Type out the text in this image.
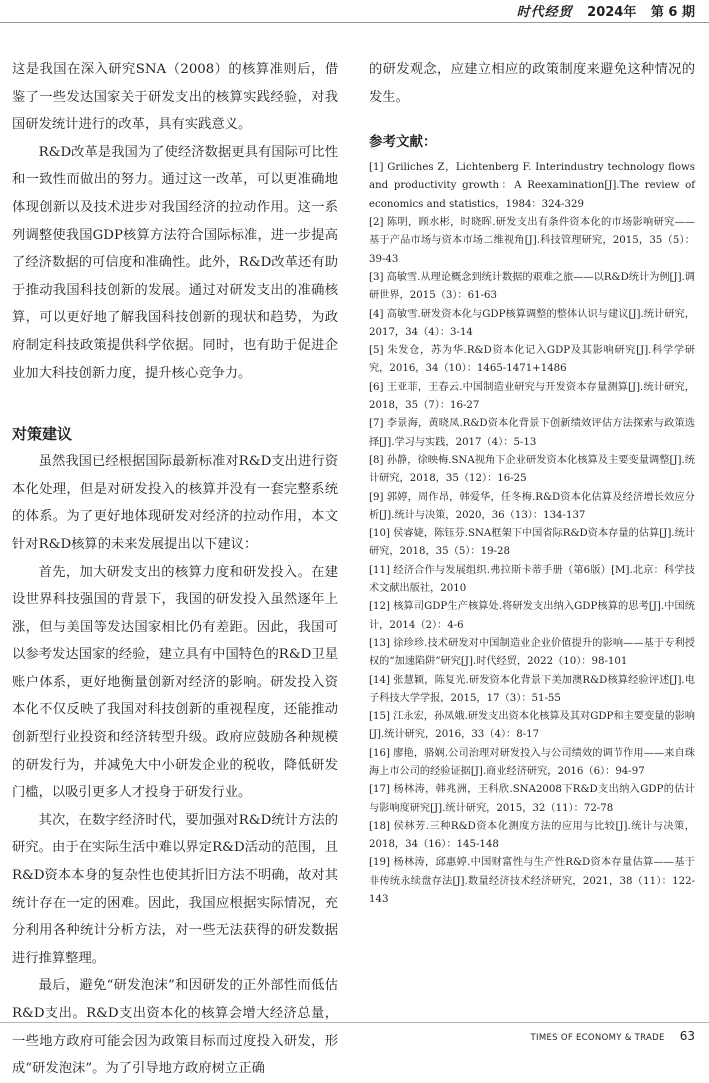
时代经贸 2024年 第 6 期

这是我国在深入研究SNA（2008）的核算准则后，借鉴了一些发达国家关于研发支出的核算实践经验，对我国研发统计进行的改革，具有实践意义。

R&D改革是我国为了使经济数据更具有国际可比性和一致性而做出的努力。通过这一改革，可以更准确地体现创新以及技术进步对我国经济的拉动作用。这一系列调整使我国GDP核算方法符合国际标准，进一步提高了经济数据的可信度和准确性。此外，R&D改革还有助于推动我国科技创新的发展。通过对研发支出的准确核算，可以更好地了解我国科技创新的现状和趋势，为政府制定科技政策提供科学依据。同时，也有助于促进企业加大科技创新力度，提升核心竞争力。

对策建议

虽然我国已经根据国际最新标准对R&D支出进行资本化处理，但是对研发投入的核算并没有一套完整系统的体系。为了更好地体现研发对经济的拉动作用，本文针对R&D核算的未来发展提出以下建议：

首先，加大研发支出的核算力度和研发投入。在建设世界科技强国的背景下，我国的研发投入虽然逐年上涨，但与美国等发达国家相比仍有差距。因此，我国可以参考发达国家的经验，建立具有中国特色的R&D卫星账户体系，更好地衡量创新对经济的影响。研发投入资本化不仅反映了我国对科技创新的重视程度，还能推动创新型行业投资和经济转型升级。政府应鼓励各种规模的研发行为，并减免大中小研发企业的税收，降低研发门槛，以吸引更多人才投身于研发行业。

其次，在数字经济时代，要加强对R&D统计方法的研究。由于在实际生活中难以界定R&D活动的范围，且R&D资本本身的复杂性也使其折旧方法不明确，故对其统计存在一定的困难。因此，我国应根据实际情况，充分利用各种统计分析方法，对一些无法获得的研发数据进行推算整理。

最后，避免“研发泡沫”和因研发的正外部性而低估R&D支出。R&D支出资本化的核算会增大经济总量，一些地方政府可能会因为政策目标而过度投入研发，形成“研发泡沫”。为了引导地方政府树立正确

的研发观念，应建立相应的政策制度来避免这种情况的发生。

参考文献：

[1] Griliches Z，Lichtenberg F. Interindustry technology flows and productivity growth：A Reexamination[J].The review of economics and statistics，1984：324-329

[2] 陈明，顾水彬，时晓晖.研发支出有条件资本化的市场影响研究——基于产品市场与资本市场二维视角[J].科技管理研究，2015，35（5）：39-43

[3] 高敏雪.从理论概念到统计数据的艰难之旅——以R&D统计为例[J].调研世界，2015（3）：61-63

[4] 高敏雪.研发资本化与GDP核算调整的整体认识与建议[J].统计研究，2017，34（4）：3-14

[5] 朱发仓，苏为华.R&D资本化记入GDP及其影响研究[J].科学学研究，2016，34（10）：1465-1471+1486

[6] 王亚菲，王春云.中国制造业研究与开发资本存量测算[J].统计研究，2018，35（7）：16-27

[7] 李景海，黄晓凤.R&D资本化背景下创新绩效评估方法探索与政策选择[J].学习与实践，2017（4）：5-13

[8] 孙静，徐映梅.SNA视角下企业研发资本化核算及主要变量调整[J].统计研究，2018，35（12）：16-25

[9] 郭婷，周作昂，韩爱华，任冬梅.R&D资本化估算及经济增长效应分析[J].统计与决策，2020，36（13）：134-137

[10] 侯睿婕，陈钰芬.SNA框架下中国省际R&D资本存量的估算[J].统计研究，2018，35（5）：19-28

[11] 经济合作与发展组织.弗拉斯卡蒂手册（第6版）[M].北京：科学技术文献出版社，2010

[12] 核算司GDP生产核算处.将研发支出纳入GDP核算的思考[J].中国统计，2014（2）：4-6

[13] 徐珍珍.技术研发对中国制造业企业价值提升的影响——基于专利授权的“加速陷阱”研究[J].时代经贸，2022（10）：98-101

[14] 张慧颖，陈复光.研发资本化背景下美加澳R&D核算经验评述[J].电子科技大学学报，2015，17（3）：51-55

[15] 江永宏，孙凤娥.研发支出资本化核算及其对GDP和主要变量的影响[J].统计研究，2016，33（4）：8-17

[16] 廖艳，骆娴.公司治理对研发投入与公司绩效的调节作用——来自珠海上市公司的经验证据[J].商业经济研究，2016（6）：94-97

[17] 杨林涛，韩兆洲，王科欣.SNA2008下R&D支出纳入GDP的估计与影响度研究[J].统计研究，2015，32（11）：72-78

[18] 侯林芳.三种R&D资本化测度方法的应用与比较[J].统计与决策，2018，34（16）：145-148

[19] 杨林涛，邱惠婷.中国财富性与生产性R&D资本存量估算——基于非传统永续盘存法[J].数量经济技术经济研究，2021，38（11）：122-143

TIMES OF ECONOMY & TRADE 63
